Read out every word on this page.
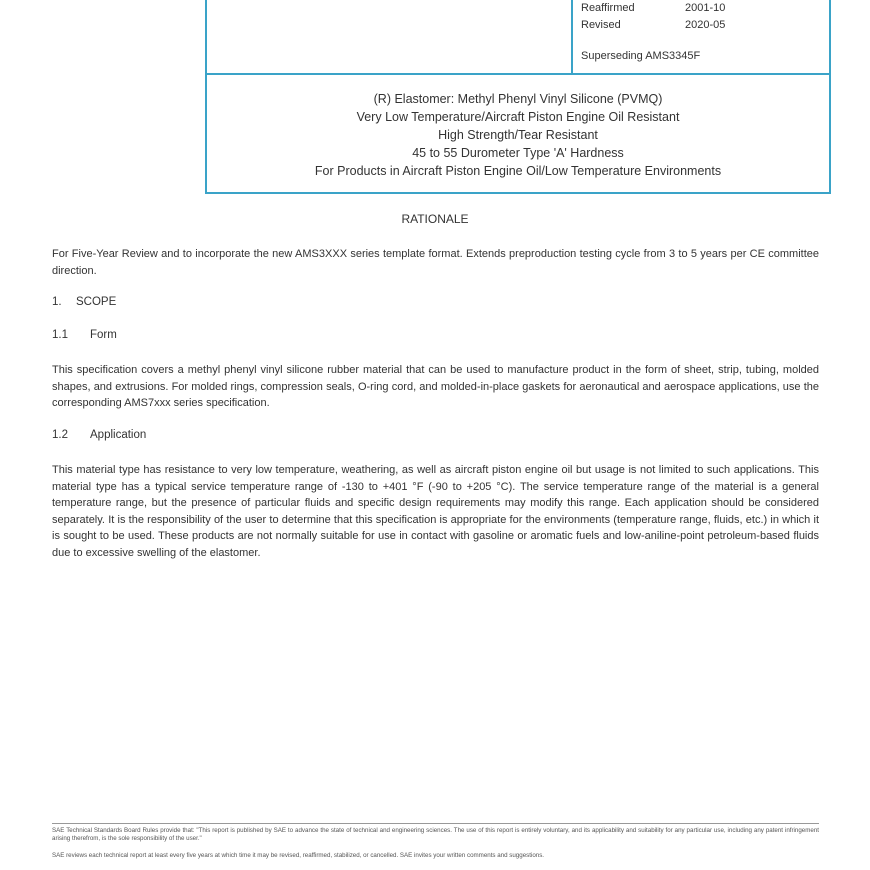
Reaffirmed	2001-10
Revised	2020-05
Superseding AMS3345F
(R) Elastomer: Methyl Phenyl Vinyl Silicone (PVMQ)
Very Low Temperature/Aircraft Piston Engine Oil Resistant
High Strength/Tear Resistant
45 to 55 Durometer Type 'A' Hardness
For Products in Aircraft Piston Engine Oil/Low Temperature Environments
RATIONALE
For Five-Year Review and to incorporate the new AMS3XXX series template format. Extends preproduction testing cycle from 3 to 5 years per CE committee direction.
1. SCOPE
1.1 Form
This specification covers a methyl phenyl vinyl silicone rubber material that can be used to manufacture product in the form of sheet, strip, tubing, molded shapes, and extrusions. For molded rings, compression seals, O-ring cord, and molded-in-place gaskets for aeronautical and aerospace applications, use the corresponding AMS7xxx series specification.
1.2 Application
This material type has resistance to very low temperature, weathering, as well as aircraft piston engine oil but usage is not limited to such applications. This material type has a typical service temperature range of -130 to +401 °F (-90 to +205 °C). The service temperature range of the material is a general temperature range, but the presence of particular fluids and specific design requirements may modify this range. Each application should be considered separately. It is the responsibility of the user to determine that this specification is appropriate for the environments (temperature range, fluids, etc.) in which it is sought to be used. These products are not normally suitable for use in contact with gasoline or aromatic fuels and low-aniline-point petroleum-based fluids due to excessive swelling of the elastomer.
SAE Technical Standards Board Rules provide that: "This report is published by SAE to advance the state of technical and engineering sciences. The use of this report is entirely voluntary, and its applicability and suitability for any particular use, including any patent infringement arising therefrom, is the sole responsibility of the user."
SAE reviews each technical report at least every five years at which time it may be revised, reaffirmed, stabilized, or cancelled. SAE invites your written comments and suggestions.
